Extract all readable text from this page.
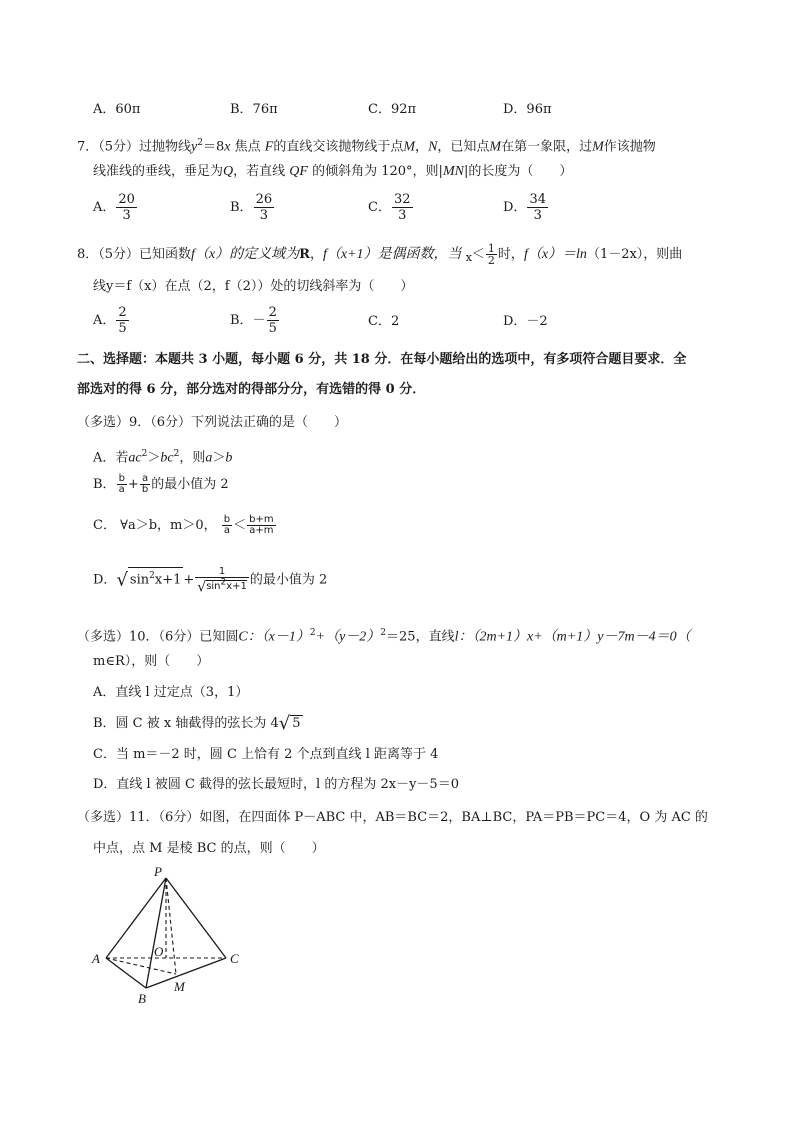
A．60π	B．76π	C．92π	D．96π
7．（5分）过抛物线$y^2=8x$ 焦点 F的直线交该抛物线于点M，N，已知点M在第一象限，过M作该抛物
线准线的垂线，垂足为Q，若直线 QF 的倾斜角为 120°，则|MN|的长度为（　　）
A． $\frac{20}{3}$	B． $\frac{26}{3}$	C． $\frac{32}{3}$	D． $\frac{34}{3}$
8．（5分）已知函数f（x）的定义域为R，f（x+1）是偶函数，当 $_x< \frac{1}{2}$ 时，f（x）＝ln（1－2x），则曲
线y＝f（x）在点（2，f（2））处的切线斜率为（　　）
A． $\frac{2}{5}$	B．－ $\frac{2}{5}$	C．2	D．－2
二、选择题：本题共 3 小题，每小题 6 分，共 18 分．在每小题给出的选项中，有多项符合题目要求．全
部选对的得 6 分，部分选对的得部分分，有选错的得 0 分．
（多选）9．（6分）下列说法正确的是（　　）
A．若$ac^2>bc^2$，则a＞b
B． $\frac{b}{a} + \frac{a}{b}$ 的最小值为 2
C． ∀a＞b，m＞0， $\frac{b}{a} < \frac{b+m}{a+m}$
D．√ $\sin^2x+1 + \frac{1}{√\sin^2x+1}$ 的最小值为 2
（多选）10．（6分）已知圆C：$(x-1)^2+(y-2)^2=25$，直线l：（2m+1）x+（m+1）y－7m－4＝0（
m∈R），则（　　）
A．直线 l 过定点（3，1）
B．圆 C 被 x 轴截得的弦长为 4√ 5
C．当 m＝－2 时，圆 C 上恰有 2 个点到直线 l 距离等于 4
D．直线 l 被圆 C 截得的弦长最短时，l 的方程为 2x－y－5＝0
（多选）11．（6分）如图，在四面体 P－ABC 中，AB＝BC＝2，BA⊥BC，PA＝PB＝PC＝4，O 为 AC 的
中点，点 M 是棱 BC 的点，则（　　）
P
A
B
C
O
M
